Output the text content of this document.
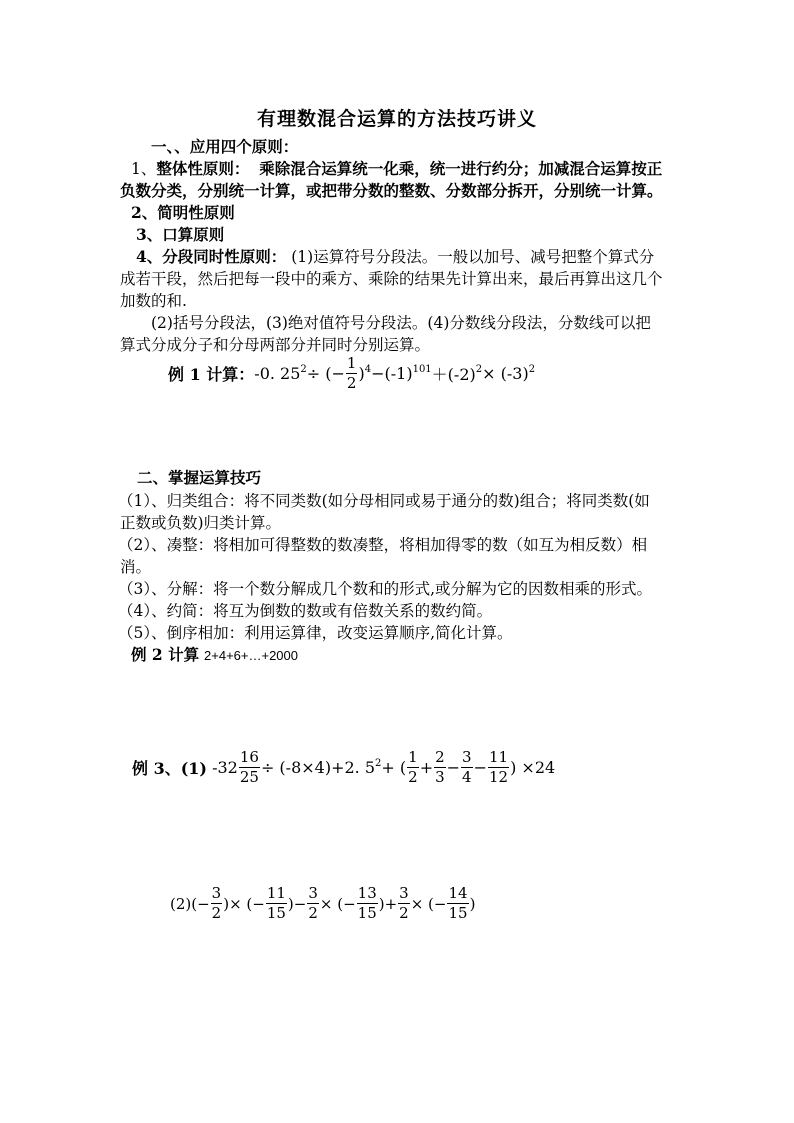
有理数混合运算的方法技巧讲义
一、、应用四个原则：
1、整体性原则： 乘除混合运算统一化乘，统一进行约分；加减混合运算按正
负数分类，分别统一计算，或把带分数的整数、分数部分拆开，分别统一计算。
2、简明性原则
3、口算原则
4、分段同时性原则： (1)运算符号分段法。一般以加号、减号把整个算式分
成若干段，然后把每一段中的乘方、乘除的结果先计算出来，最后再算出这几个
加数的和.
(2)括号分段法，(3)绝对值符号分段法。(4)分数线分段法，分数线可以把
算式分成分子和分母两部分并同时分别运算。
例 1 计算： -0. $25^2$ ÷ (− $\frac{1}{2} )^4 -(-1)^{101} +(-2)^2 \times (-3)^2$
二、掌握运算技巧
（1）、归类组合：将不同类数(如分母相同或易于通分的数)组合；将同类数(如
正数或负数)归类计算。
（2）、凑整：将相加可得整数的数凑整，将相加得零的数（如互为相反数）相
消。
（3）、分解：将一个数分解成几个数和的形式,或分解为它的因数相乘的形式。
（4）、约简：将互为倒数的数或有倍数关系的数约简。
（5）、倒序相加：利用运算律，改变运算顺序,简化计算。
例 2 计算 2+4+6+…+2000
例 3、(1)
$-32 \frac{16}{25} \div (-8\times 4)+2$. $5^2$ + ( $\frac{1}{2} + \frac{2}{3} - \frac{3}{4} - \frac{11}{12}$ ) ×24
(2) (− $\frac{3}{2}$ )× (− $\frac{11}{15}$ )− $\frac{3}{2}$ × (− $\frac{13}{15}$ )+ $\frac{3}{2}$ × (− $\frac{14}{15}$ )
